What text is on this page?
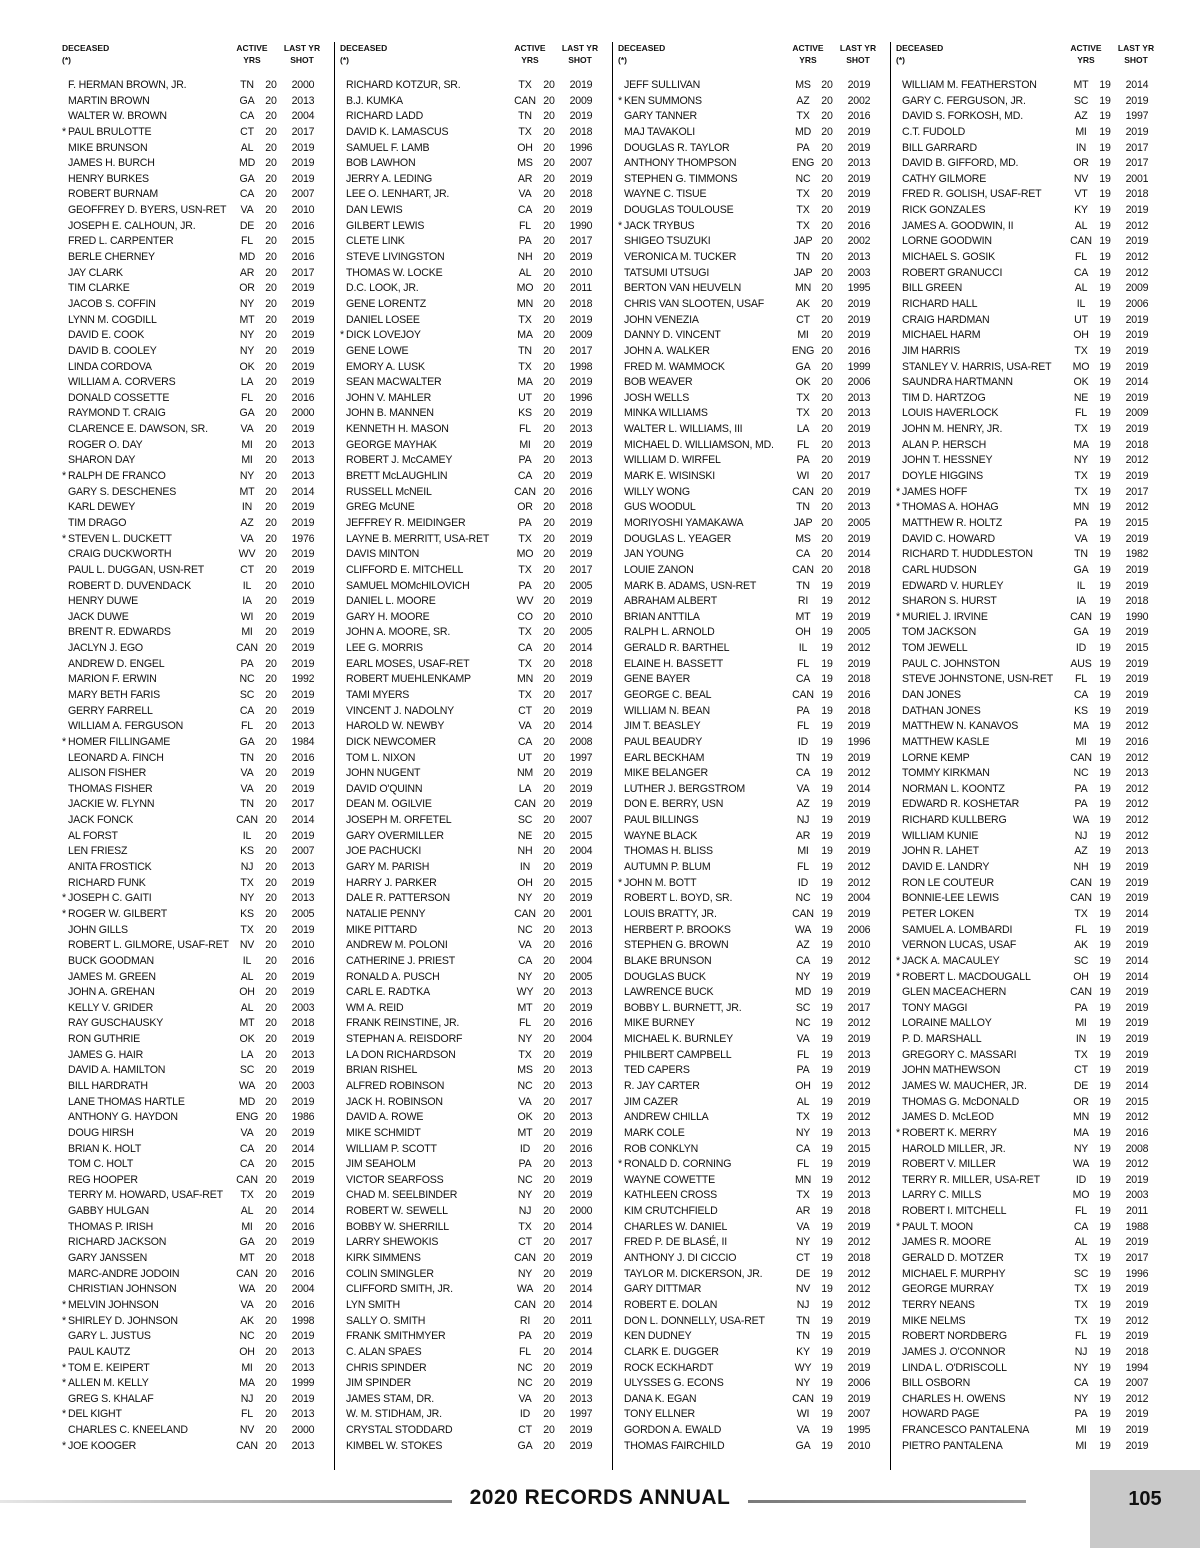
DECEASED
(*)
ACTIVE
YRS
LAST YR
SHOT
F. HERMAN BROWN, JR.	TN	20	2000
MARTIN BROWN	GA	20	2013
WALTER W. BROWN	CA	20	2004
* PAUL BRULOTTE	CT	20	2017
MIKE BRUNSON	AL	20	2019
JAMES H. BURCH	MD 20	2019
HENRY BURKES	GA	20	2019
ROBERT BURNAM	CA	20	2007
GEOFFREY D. BYERS, USN-RET	VA	20	2010
JOSEPH E. CALHOUN, JR.	DE	20	2016
FRED L. CARPENTER	FL	20	2015
BERLE CHERNEY	MD 20	2016
JAY CLARK	AR	20	2017
TIM CLARKE	OR 20	2019
JACOB S. COFFIN	NY	20	2019
LYNN M. COGDILL	MT	20	2019
DAVID E. COOK	NY	20	2019
DAVID B. COOLEY	NY	20	2019
LINDA CORDOVA	OK	20	2019
WILLIAM A. CORVERS	LA	20	2019
DONALD COSSETTE	FL	20	2016
RAYMOND T. CRAIG	GA	20	2000
CLARENCE E. DAWSON, SR.	VA	20	2019
ROGER O. DAY	MI	20	2013
SHARON DAY	MI	20	2013
* RALPH DE FRANCO	NY	20	2013
GARY S. DESCHENES	MT	20	2014
KARL DEWEY	IN	20	2019
TIM DRAGO	AZ	20	2019
* STEVEN L. DUCKETT	VA	20	1976
CRAIG DUCKWORTH	WV 20	2019
PAUL L. DUGGAN, USN-RET	CT	20	2019
ROBERT D. DUVENDACK	IL	20	2010
HENRY DUWE	IA	20	2019
JACK DUWE	WI	20	2019
BRENT R. EDWARDS	MI	20	2019
JACLYN J. EGO	CAN 20	2019
ANDREW D. ENGEL	PA	20	2019
MARION F. ERWIN	NC	20	1992
MARY BETH FARIS	SC	20	2019
GERRY FARRELL	CA	20	2019
WILLIAM A. FERGUSON	FL	20	2013
* HOMER FILLINGAME	GA	20	1984
LEONARD A. FINCH	TN	20	2016
ALISON FISHER	VA	20	2019
THOMAS FISHER	VA	20	2019
JACKIE W. FLYNN	TN	20	2017
JACK FONCK	CAN 20	2014
AL FORST	IL	20	2019
LEN FRIESZ	KS	20	2007
ANITA FROSTICK	NJ	20	2013
RICHARD FUNK	TX	20	2019
* JOSEPH C. GAITI	NY	20	2013
* ROGER W. GILBERT	KS	20	2005
JOHN GILLS	TX	20	2019
ROBERT L. GILMORE, USAF-RET	NV	20	2010
BUCK GOODMAN	IL	20	2016
JAMES M. GREEN	AL	20	2019
JOHN A. GREHAN	OH 20	2019
KELLY V. GRIDER	AL	20	2003
RAY GUSCHAUSKY	MT	20	2018
RON GUTHRIE	OK	20	2019
JAMES G. HAIR	LA	20	2013
DAVID A. HAMILTON	SC	20	2019
BILL HARDRATH	WA 20	2003
LANE THOMAS HARTLE	MD 20	2019
ANTHONY G. HAYDON	ENG 20	1986
DOUG HIRSH	VA	20	2019
BRIAN K. HOLT	CA	20	2014
TOM C. HOLT	CA	20	2015
REG HOOPER	CAN 20	2019
TERRY M. HOWARD, USAF-RET	TX	20	2019
GABBY HULGAN	AL	20	2014
THOMAS P. IRISH	MI	20	2016
RICHARD JACKSON	GA	20	2019
GARY JANSSEN	MT	20	2018
MARC-ANDRE JODOIN	CAN 20	2016
CHRISTIAN JOHNSON	WA 20	2004
* MELVIN JOHNSON	VA	20	2016
* SHIRLEY D. JOHNSON	AK	20	1998
GARY L. JUSTUS	NC	20	2019
PAUL KAUTZ	OH 20	2013
* TOM E. KEIPERT	MI	20	2013
* ALLEN M. KELLY	MA 20	1999
GREG S. KHALAF	NJ	20	2019
* DEL KIGHT	FL	20	2013
CHARLES C. KNEELAND	NV	20	2000
* JOE KOOGER	CAN 20	2013
DECEASED
(*)
ACTIVE
YRS
LAST YR
SHOT
RICHARD KOTZUR, SR.	TX	20	2019
B.J. KUMKA	CAN 20	2009
RICHARD LADD	TN	20	2019
DAVID K. LAMASCUS	TX	20	2018
SAMUEL F. LAMB	OH 20	1996
BOB LAWHON	MS 20	2007
JERRY A. LEDING	AR	20	2019
LEE O. LENHART, JR.	VA	20	2018
DAN LEWIS	CA	20	2019
GILBERT LEWIS	FL	20	1990
CLETE LINK	PA	20	2017
STEVE LIVINGSTON	NH	20	2019
THOMAS W. LOCKE	AL	20	2010
D.C. LOOK, JR.	MO 20	2011
GENE LORENTZ	MN 20	2018
DANIEL LOSEE	TX	20	2019
* DICK LOVEJOY	MA 20	2009
GENE LOWE	TN	20	2017
EMORY A. LUSK	TX	20	1998
SEAN MACWALTER	MA 20	2019
JOHN V. MAHLER	UT	20	1996
JOHN B. MANNEN	KS	20	2019
KENNETH H. MASON	FL	20	2013
GEORGE MAYHAK	MI	20	2019
ROBERT J. McCAMEY	PA	20	2013
BRETT McLAUGHLIN	CA	20	2019
RUSSELL McNEIL	CAN 20	2016
GREG McUNE	OR 20	2018
JEFFREY R. MEIDINGER	PA	20	2019
LAYNE B. MERRITT, USA-RET	TX	20	2019
DAVIS MINTON	MO 20	2019
CLIFFORD E. MITCHELL	TX	20	2017
SAMUEL MOMcHILOVICH	PA	20	2005
DANIEL L. MOORE	WV 20	2019
GARY H. MOORE	CO 20	2010
JOHN A. MOORE, SR.	TX	20	2005
LEE G. MORRIS	CA	20	2014
EARL MOSES, USAF-RET	TX	20	2018
ROBERT MUEHLENKAMP	MN 20	2019
TAMI MYERS	TX	20	2017
VINCENT J. NADOLNY	CT	20	2019
HAROLD W. NEWBY	VA	20	2014
DICK NEWCOMER	CA	20	2008
TOM L. NIXON	UT	20	1997
JOHN NUGENT	NM 20	2019
DAVID O'QUINN	LA	20	2019
DEAN M. OGILVIE	CAN 20	2019
JOSEPH M. ORFETEL	SC	20	2007
GARY OVERMILLER	NE	20	2015
JOE PACHUCKI	NH	20	2004
GARY M. PARISH	IN	20	2019
HARRY J. PARKER	OH 20	2015
DALE R. PATTERSON	NY	20	2019
NATALIE PENNY	CAN 20	2001
MIKE PITTARD	NC	20	2013
ANDREW M. POLONI	VA	20	2016
CATHERINE J. PRIEST	CA	20	2004
RONALD A. PUSCH	NY	20	2005
CARL E. RADTKA	WY 20	2013
WM A. REID	MT	20	2019
FRANK REINSTINE, JR.	FL	20	2016
STEPHAN A. REISDORF	NY	20	2004
LA DON RICHARDSON	TX	20	2019
BRIAN RISHEL	MS 20	2013
ALFRED ROBINSON	NC	20	2013
JACK H. ROBINSON	VA	20	2017
DAVID A. ROWE	OK	20	2013
MIKE SCHMIDT	MT	20	2019
WILLIAM P. SCOTT	ID	20	2016
JIM SEAHOLM	PA	20	2013
VICTOR SEARFOSS	NC	20	2019
CHAD M. SEELBINDER	NY	20	2019
ROBERT W. SEWELL	NJ	20	2000
BOBBY W. SHERRILL	TX	20	2014
LARRY SHEWOKIS	CT	20	2017
KIRK SIMMENS	CAN 20	2019
COLIN SMINGLER	NY	20	2019
CLIFFORD SMITH, JR.	WA 20	2014
LYN SMITH	CAN 20	2014
SALLY O. SMITH	RI	20	2011
FRANK SMITHMYER	PA	20	2019
C. ALAN SPAES	FL	20	2014
CHRIS SPINDER	NC	20	2019
JIM SPINDER	NC	20	2019
JAMES STAM, DR.	VA	20	2013
W. M. STIDHAM, JR.	ID	20	1997
CRYSTAL STODDARD	CT	20	2019
KIMBEL W. STOKES	GA	20	2019
DECEASED
(*)
ACTIVE
YRS
LAST YR
SHOT
JEFF SULLIVAN	MS 20	2019
* KEN SUMMONS	AZ	20	2002
GARY TANNER	TX	20	2016
MAJ TAVAKOLI	MD 20	2019
DOUGLAS R. TAYLOR	PA	20	2019
ANTHONY THOMPSON	ENG 20	2013
STEPHEN G. TIMMONS	NC	20	2019
WAYNE C. TISUE	TX	20	2019
DOUGLAS TOULOUSE	TX	20	2019
* JACK TRYBUS	TX	20	2016
SHIGEO TSUZUKI	JAP 20	2002
VERONICA M. TUCKER	TN	20	2013
TATSUMI UTSUGI	JAP 20	2003
BERTON VAN HEUVELN	MN 20	1995
CHRIS VAN SLOOTEN, USAF	AK	20	2019
JOHN VENEZIA	CT	20	2019
DANNY D. VINCENT	MI	20	2019
JOHN A. WALKER	ENG 20	2016
FRED M. WAMMOCK	GA	20	1999
BOB WEAVER	OK	20	2006
JOSH WELLS	TX	20	2013
MINKA WILLIAMS	TX	20	2013
WALTER L. WILLIAMS, III	LA	20	2019
MICHAEL D. WILLIAMSON, MD.	FL	20	2013
WILLIAM D. WIRFEL	PA	20	2019
MARK E. WISINSKI	WI	20	2017
WILLY WONG	CAN 20	2019
GUS WOODUL	TN	20	2013
MORIYOSHI YAMAKAWA	JAP 20	2005
DOUGLAS L. YEAGER	MS 20	2019
JAN YOUNG	CA	20	2014
LOUIE ZANON	CAN 20	2018
MARK B. ADAMS, USN-RET	TN	19	2019
ABRAHAM ALBERT	RI	19	2012
BRIAN ANTTILA	MT	19	2019
RALPH L. ARNOLD	OH 19	2005
GERALD R. BARTHEL	IL	19	2012
ELAINE H. BASSETT	FL	19	2019
GENE BAYER	CA	19	2018
GEORGE C. BEAL	CAN 19	2016
WILLIAM N. BEAN	PA	19	2018
JIM T. BEASLEY	FL	19	2019
PAUL BEAUDRY	ID	19	1996
EARL BECKHAM	TN	19	2019
MIKE BELANGER	CA	19	2012
LUTHER J. BERGSTROM	VA	19	2014
DON E. BERRY, USN	AZ	19	2019
PAUL BILLINGS	NJ	19	2019
WAYNE BLACK	AR	19	2019
THOMAS H. BLISS	MI	19	2019
AUTUMN P. BLUM	FL	19	2012
* JOHN M. BOTT	ID	19	2012
ROBERT L. BOYD, SR.	NC	19	2004
LOUIS BRATTY, JR.	CAN 19	2019
HERBERT P. BROOKS	WA 19	2006
STEPHEN G. BROWN	AZ	19	2010
BLAKE BRUNSON	CA	19	2012
DOUGLAS BUCK	NY	19	2019
LAWRENCE BUCK	MD 19	2019
BOBBY L. BURNETT, JR.	SC	19	2017
MIKE BURNEY	NC	19	2012
MICHAEL K. BURNLEY	VA	19	2019
PHILBERT CAMPBELL	FL	19	2013
TED CAPERS	PA	19	2019
R. JAY CARTER	OH 19	2012
JIM CAZER	AL	19	2019
ANDREW CHILLA	TX	19	2012
MARK COLE	NY	19	2013
ROB CONKLYN	CA	19	2015
* RONALD D. CORNING	FL	19	2019
WAYNE COWETTE	MN 19	2012
KATHLEEN CROSS	TX	19	2013
KIM CRUTCHFIELD	AR	19	2018
CHARLES W. DANIEL	VA	19	2019
FRED P. DE BLASÉ, II	NY	19	2012
ANTHONY J. DI CICCIO	CT	19	2018
TAYLOR M. DICKERSON, JR.	DE	19	2012
GARY DITTMAR	NV	19	2012
ROBERT E. DOLAN	NJ	19	2012
DON L. DONNELLY, USA-RET	TN	19	2019
KEN DUDNEY	TN	19	2015
CLARK E. DUGGER	KY	19	2019
ROCK ECKHARDT	WY 19	2019
ULYSSES G. ECONS	NY	19	2006
DANA K. EGAN	CAN 19	2019
TONY ELLNER	WI	19	2007
GORDON A. EWALD	VA	19	1995
THOMAS FAIRCHILD	GA	19	2010
DECEASED
(*)
ACTIVE
YRS
LAST YR
SHOT
WILLIAM M. FEATHERSTON	MT	19	2014
GARY C. FERGUSON, JR.	SC	19	2019
DAVID S. FORKOSH, MD.	AZ	19	1997
C.T. FUDOLD	MI	19	2019
BILL GARRARD	IN	19	2017
DAVID B. GIFFORD, MD.	OR 19	2017
CATHY GILMORE	NV	19	2001
FRED R. GOLISH, USAF-RET	VT	19	2018
RICK GONZALES	KY	19	2019
JAMES A. GOODWIN, II	AL	19	2012
LORNE GOODWIN	CAN 19	2019
MICHAEL S. GOSIK	FL	19	2012
ROBERT GRANUCCI	CA	19	2012
BILL GREEN	AL	19	2009
RICHARD HALL	IL	19	2006
CRAIG HARDMAN	UT	19	2019
MICHAEL HARM	OH 19	2019
JIM HARRIS	TX	19	2019
STANLEY V. HARRIS, USA-RET	MO 19	2019
SAUNDRA HARTMANN	OK	19	2014
TIM D. HARTZOG	NE	19	2019
LOUIS HAVERLOCK	FL	19	2009
JOHN M. HENRY, JR.	TX	19	2019
ALAN P. HERSCH	MA 19	2018
JOHN T. HESSNEY	NY	19	2012
DOYLE HIGGINS	TX	19	2019
* JAMES HOFF	TX	19	2017
* THOMAS A. HOHAG	MN 19	2012
MATTHEW R. HOLTZ	PA	19	2015
DAVID C. HOWARD	VA	19	2019
RICHARD T. HUDDLESTON	TN	19	1982
CARL HUDSON	GA	19	2019
EDWARD V. HURLEY	IL	19	2019
SHARON S. HURST	IA	19	2018
* MURIEL J. IRVINE	CAN 19	1990
TOM JACKSON	GA	19	2019
TOM JEWELL	ID	19	2015
PAUL C. JOHNSTON	AUS 19	2019
STEVE JOHNSTONE, USN-RET	FL	19	2019
DAN JONES	CA	19	2019
DATHAN JONES	KS	19	2019
MATTHEW N. KANAVOS	MA 19	2012
MATTHEW KASLE	MI	19	2016
LORNE KEMP	CAN 19	2012
TOMMY KIRKMAN	NC	19	2013
NORMAN L. KOONTZ	PA	19	2012
EDWARD R. KOSHETAR	PA	19	2012
RICHARD KULLBERG	WA 19	2012
WILLIAM KUNIE	NJ	19	2012
JOHN R. LAHET	AZ	19	2013
DAVID E. LANDRY	NH	19	2019
RON LE COUTEUR	CAN 19	2019
BONNIE-LEE LEWIS	CAN 19	2019
PETER LOKEN	TX	19	2014
SAMUEL A. LOMBARDI	FL	19	2019
VERNON LUCAS, USAF	AK	19	2019
* JACK A. MACAULEY	SC	19	2014
* ROBERT L. MACDOUGALL	OH 19	2014
GLEN MACEACHERN	CAN 19	2019
TONY MAGGI	PA	19	2019
LORAINE MALLOY	MI	19	2019
P. D. MARSHALL	IN	19	2019
GREGORY C. MASSARI	TX	19	2019
JOHN MATHEWSON	CT	19	2019
JAMES W. MAUCHER, JR.	DE	19	2014
THOMAS G. McDONALD	OR 19	2015
JAMES D. McLEOD	MN 19	2012
* ROBERT K. MERRY	MA 19	2016
HAROLD MILLER, JR.	NY	19	2008
ROBERT V. MILLER	WA 19	2012
TERRY R. MILLER, USA-RET	ID	19	2019
LARRY C. MILLS	MO 19	2003
ROBERT I. MITCHELL	FL	19	2011
* PAUL T. MOON	CA	19	1988
JAMES R. MOORE	AL	19	2019
GERALD D. MOTZER	TX	19	2017
MICHAEL F. MURPHY	SC	19	1996
GEORGE MURRAY	TX	19	2019
TERRY NEANS	TX	19	2019
MIKE NELMS	TX	19	2012
ROBERT NORDBERG	FL	19	2019
JAMES J. O'CONNOR	NJ	19	2018
LINDA L. O'DRISCOLL	NY	19	1994
BILL OSBORN	CA	19	2007
CHARLES H. OWENS	NY	19	2012
HOWARD PAGE	PA	19	2019
FRANCESCO PANTALENA	MI	19	2019
PIETRO PANTALENA	MI	19	2019
2020 RECORDS ANNUAL	105
